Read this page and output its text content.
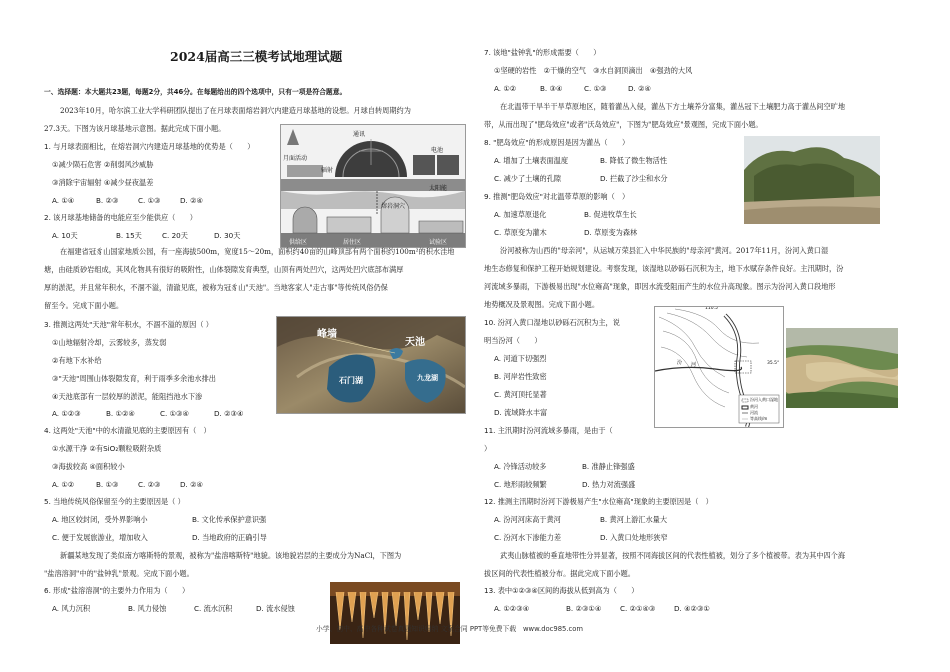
2024届高三三模考试地理试题
一、选择题：本大题共23题，每题2分，共46分。在每题给出的四个选项中，只有一项是符合题意。
2023年10月，哈尔滨工业大学科研团队提出了在月球表面熔岩洞穴内建造月球基地的设想。月球自转周期约为
27.3天。下图为该月球基地示意图。据此完成下面小题。
1. 与月球表面相比，在熔岩洞穴内建造月球基地的优势是（　　）
①减少陨石危害 ②削弱风沙威胁
③消除宇宙辐射 ④减少昼夜温差
A. ①④	B. ②③	C. ①③	D. ②④
2. 该月球基地储备的电能应至少能供应（　　）
A. 10天	B. 15天	C. 20天	D. 30天
通讯
月面活动
太阳能
电池
辐射
熔岩洞穴
供给区	居住区	试验区
在福建省冠豸山国家地质公园，有一座海拔500m，宽度15～20m，面积约40亩的山峰顶部有两个面积约100m²的积水洼地
塘，由硅质砂岩组成，其风化物具有很好的吸附性，山体裂隙发育典型，山顶有两处凹穴，这两处凹穴底部布满厚
厚的淤泥，并且常年积水，不涸不溢，清澈见底，被称为冠豸山"天池"。当地客家人"走古事"等传统风俗仍保
留至今。完成下面小题。
3. 推测这两处"天池"常年积水，不涸不溢的原因（ ）
①山地辐射冷却，云雾较多，蒸发弱
②有地下水补给
③"天池"周围山体裂隙发育，利于雨季多余池水排出
④天池底部有一层较厚的淤泥，能阻挡池水下渗
A. ①②③	B. ①②④	C. ①③④	D. ②③④
峰墙
天池
石门湖	九龙湖
4. 这两处"天池"中的水清澈见底的主要原因有（　）
①水源干净 ②有SiO₂颗粒吸附杂质
③海拔较高 ④面积较小
A. ①②	B. ①③	C. ②③	D. ②④
5. 当地传统风俗保留至今的主要原因是（ ）
A. 地区较封闭，受外界影响小	B. 文化传承保护意识强
C. 便于发展旅游业，增加收入	D. 当地政府的正确引导
新疆某地发现了类似南方喀斯特的景观，被称为"盐溶喀斯特"地貌。该地貌岩层的主要成分为NaCl，下图为
"盐溶溶洞"中的"盐钟乳"景观。完成下面小题。
6. 形成"盐溶溶洞"的主要外力作用为（　　）
A. 风力沉积	B. 风力侵蚀	C. 流水沉积	D. 流水侵蚀
7. 该地"盐钟乳"的形成需要（　　）
①坚硬的岩性　②干燥的空气　③水自洞顶滴出　④强劲的大风
A. ①②	B. ③④	C. ①③	D. ②④
在北温带干旱半干旱草原地区，随着灌丛入侵，灌丛下方土壤养分富集，灌丛冠下土壤肥力高于灌丛间空旷地
带，从而出现了"肥岛效应"或者"沃岛效应"，下图为"肥岛效应"景观图，完成下面小题。
8. "肥岛效应"的形成原因是因为灌丛（　　）
A. 增加了土壤表面温度	B. 降低了微生物活性
C. 减少了土壤的孔隙	D. 拦截了沙尘和水分
9. 推测"肥岛效应"对北温带草原的影响（　）
A. 加速草原退化	B. 促进牧草生长
C. 草原变为灌木	D. 草原变为森林
汾河被称为山西的"母亲河"，从运城万荣县汇入中华民族的"母亲河"黄河。2017年11月，汾河入黄口湿
地生态修复和保护工程开始规划建设。考察发现，该湿地以砂砾石沉积为主，地下水赋存条件良好。主汛期时，汾
河流域多暴雨，下游极易出现"水位雍高"现象，即因水流受阻而产生的水位升高现象。图示为汾河入黄口段地形
地势概况及景观图。完成下面小题。
10. 汾河入黄口湿地以砂砾石沉积为主，说
明当汾河（　　）
A. 河道下切强烈
B. 河岸岩性致密
C. 黄河顶托显著
D. 流域降水丰富
110.5°
35.5°
汾河入黄口湿地
黄河
河流
等高线/m
汾 河
11. 主汛期时汾河流域多暴雨，是由于（
）
A. 冷锋活动较多	B. 准静止锋强盛
C. 地形雨较频繁	D. 热力对流强盛
12. 推测主汛期时汾河下游极易产生"水位雍高"现象的主要原因是（　）
A. 汾河河床高于黄河	B. 黄河上游汇水量大
C. 汾河水下渗能力差	D. 入黄口处地形狭窄
武夷山脉植被的垂直地带性分异显著，按照不同海拔区间的代表性植被，划分了多个植被带。表为其中四个海
拔区间的代表性植被分布。据此完成下面小题。
13. 表中①②③④区间的海拔从低到高为（　　）
A. ①②③④	B. ②③①④	C. ②①④③	D. ④②③①
小学、初中、高中各种试卷真题知识归纳 文案合同 PPT等免费下载　www.doc985.com
